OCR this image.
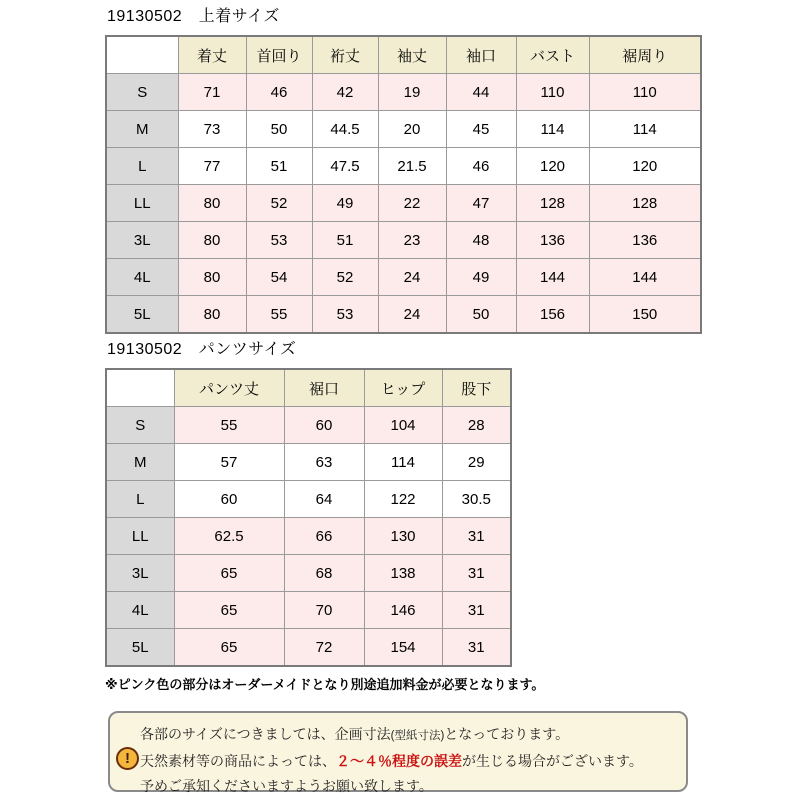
19130502　上着サイズ
	着丈	首回り	裄丈	袖丈	袖口	バスト	裾周り
S	71	46	42	19	44	110	110
M	73	50	44.5	20	45	114	114
L	77	51	47.5	21.5	46	120	120
LL	80	52	49	22	47	128	128
3L	80	53	51	23	48	136	136
4L	80	54	52	24	49	144	144
5L	80	55	53	24	50	156	150
19130502　パンツサイズ
	パンツ丈	裾口	ヒップ	股下
S	55	60	104	28
M	57	63	114	29
L	60	64	122	30.5
LL	62.5	66	130	31
3L	65	68	138	31
4L	65	70	146	31
5L	65	72	154	31
※ピンク色の部分はオーダーメイドとなり別途追加料金が必要となります。
!
各部のサイズにつきましては、企画寸法(型紙寸法)となっております。
天然素材等の商品によっては、２～４％程度の誤差が生じる場合がございます。
予めご承知くださいますようお願い致します。
